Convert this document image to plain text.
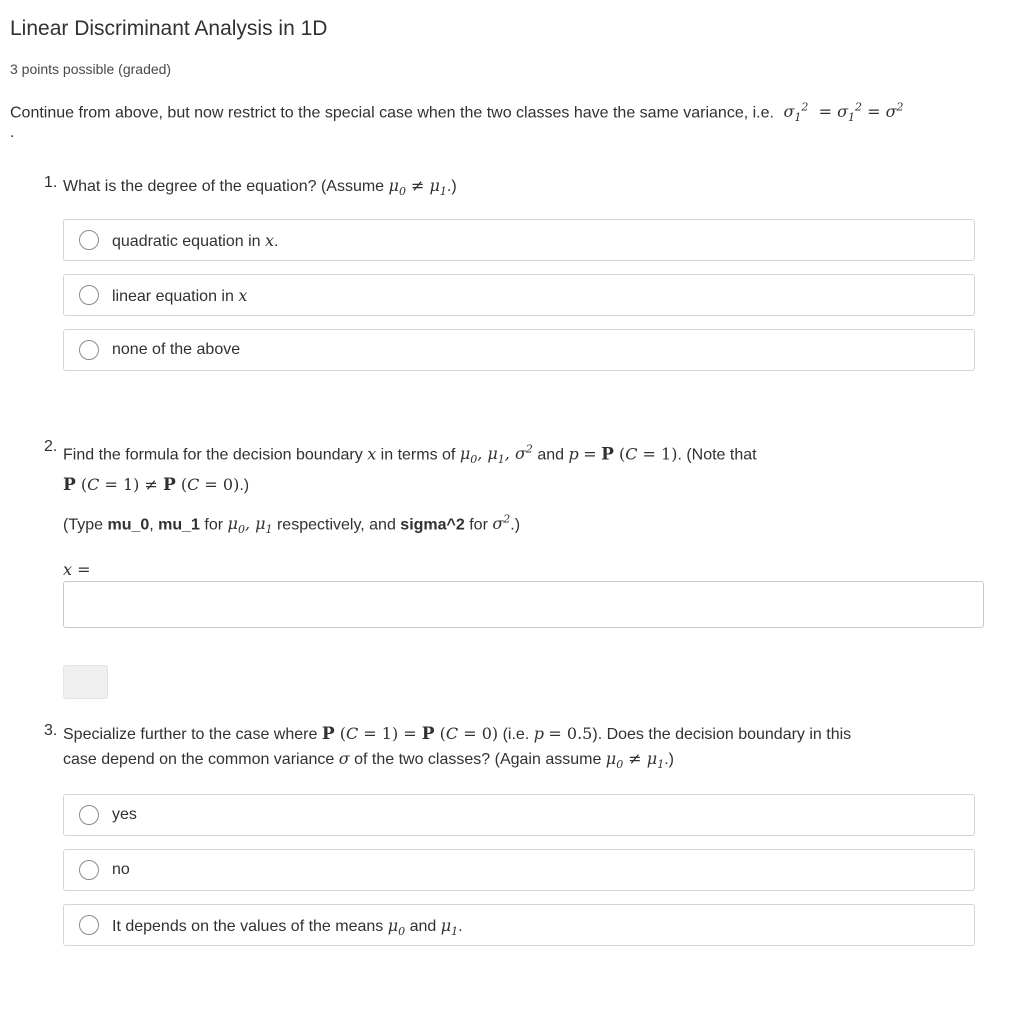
Linear Discriminant Analysis in 1D
3 points possible (graded)
Continue from above, but now restrict to the special case when the two classes have the same variance, i.e.  $\sigma_1^2 = \sigma_1^2 = \sigma^2$
.
1. What is the degree of the equation? (Assume $\mu_0 \ne \mu_1$.)
quadratic equation in x.
linear equation in x
none of the above
2. Find the formula for the decision boundary x in terms of $\mu_0$, $\mu_1$, $\sigma^2$ and p = P (C = 1). (Note that
P (C = 1) ≠ P (C = 0).)
(Type mu_0, mu_1 for $\mu_0$, $\mu_1$ respectively, and sigma^2 for $\sigma^2$.)
x =
3. Specialize further to the case where P (C = 1) = P (C = 0) (i.e. p = 0.5). Does the decision boundary in this
case depend on the common variance σ of the two classes? (Again assume $\mu_0 \ne \mu_1$.)
yes
no
It depends on the values of the means $\mu_0$ and $\mu_1$.
